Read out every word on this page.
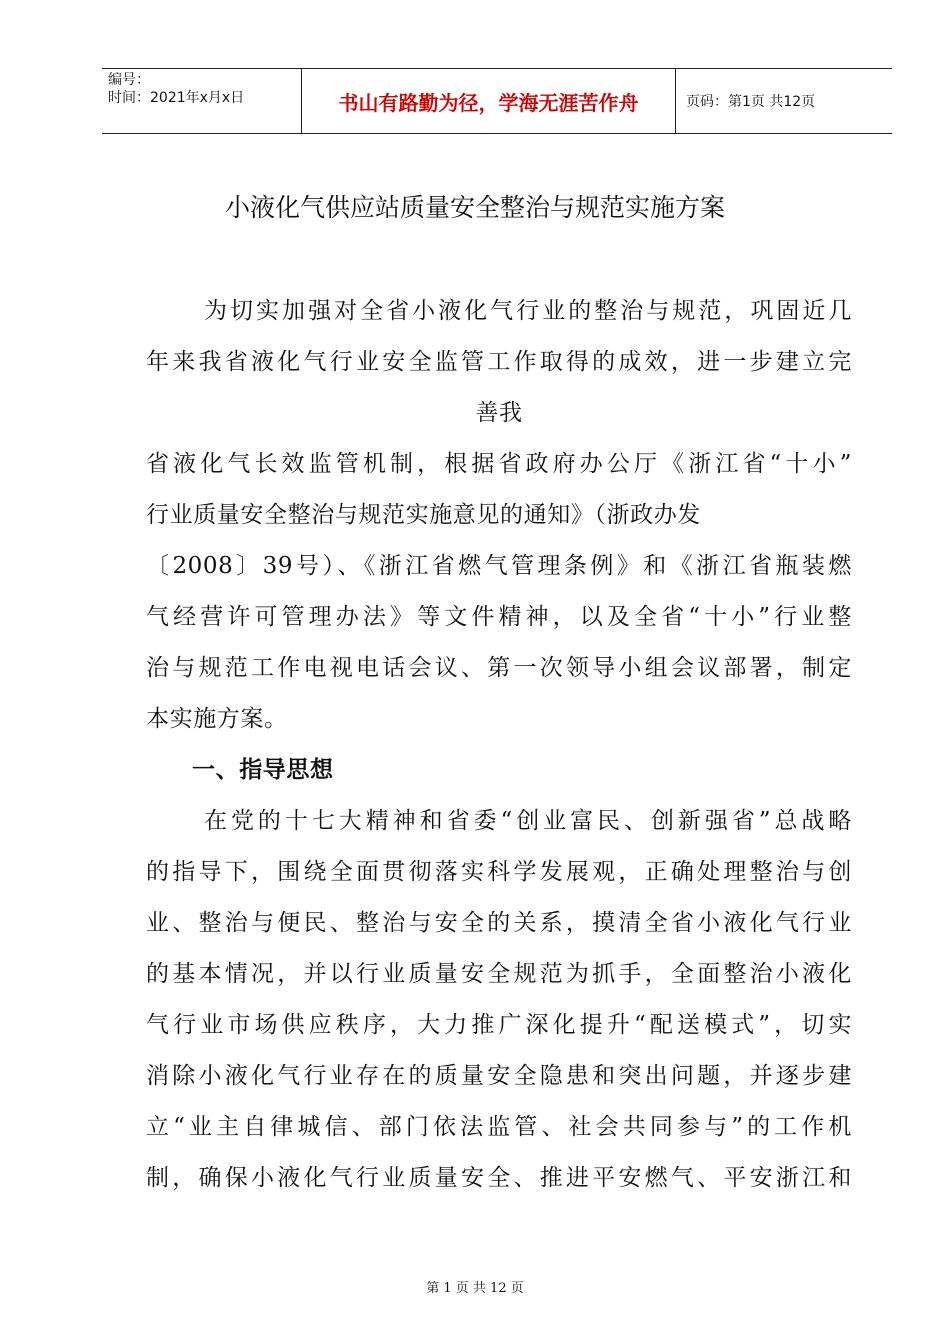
编号：
时间：2021年x月x日	书山有路勤为径，学海无涯苦作舟	页码：第1页 共12页
小液化气供应站质量安全整治与规范实施方案
为切实加强对全省小液化气行业的整治与规范，巩固近几
年来我省液化气行业安全监管工作取得的成效，进一步建立完
善我
省液化气长效监管机制，根据省政府办公厅《浙江省“十小”
行业质量安全整治与规范实施意见的通知》（浙政办发
〔2008〕39号）、《浙江省燃气管理条例》和《浙江省瓶装燃
气经营许可管理办法》等文件精神，以及全省“十小”行业整
治与规范工作电视电话会议、第一次领导小组会议部署，制定
本实施方案。
一、指导思想
在党的十七大精神和省委“创业富民、创新强省”总战略
的指导下，围绕全面贯彻落实科学发展观，正确处理整治与创
业、整治与便民、整治与安全的关系，摸清全省小液化气行业
的基本情况，并以行业质量安全规范为抓手，全面整治小液化
气行业市场供应秩序，大力推广深化提升“配送模式”，切实
消除小液化气行业存在的质量安全隐患和突出问题，并逐步建
立“业主自律城信、部门依法监管、社会共同参与”的工作机
制，确保小液化气行业质量安全、推进平安燃气、平安浙江和
第 1 页 共 12 页
